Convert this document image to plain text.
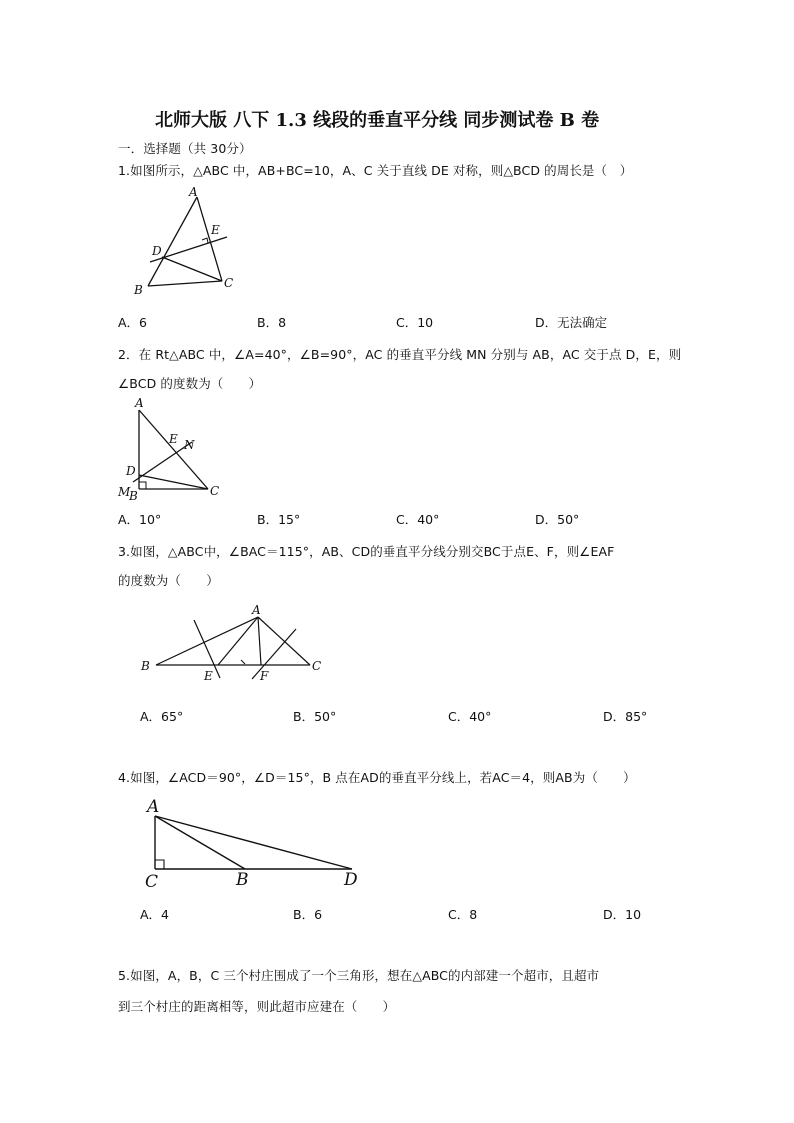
北师大版 八下 1.3 线段的垂直平分线 同步测试卷 B 卷
一．选择题（共 30分）
1.如图所示，△ABC 中，AB+BC=10，A、C 关于直线 DE 对称，则△BCD 的周长是（　）
A
E
D
C
B
A．6	B．8	C．10	D．无法确定
2．在 Rt△ABC 中，∠A=40°，∠B=90°，AC 的垂直平分线 MN 分别与 AB，AC 交于点 D，E，则
∠BCD 的度数为（　　）
A
E N
D
M
B	C
A．10°	B．15°	C．40°	D．50°
3.如图，△ABC中，∠BAC＝115°，AB、CD的垂直平分线分别交BC于点E、F，则∠EAF
的度数为（　　）
A
B
E	F
C
A．65°	B．50°	C．40°	D．85°
4.如图，∠ACD＝90°，∠D＝15°，B 点在AD的垂直平分线上，若AC＝4，则AB为（　　）
A
C	B	D
A．4	B．6	C．8	D．10
5.如图，A，B，C 三个村庄围成了一个三角形，想在△ABC的内部建一个超市，且超市
到三个村庄的距离相等，则此超市应建在（　　）
